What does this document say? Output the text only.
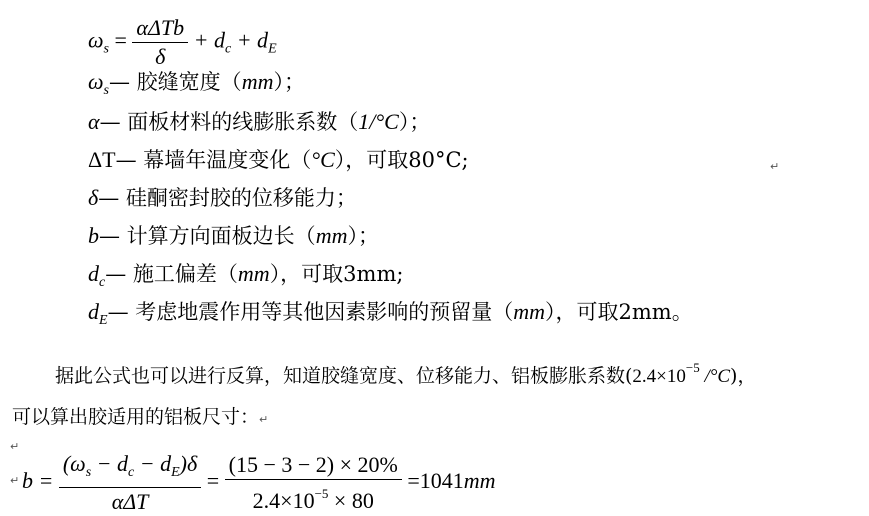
$\omega_s = \frac{\text{αΔTb}}{\delta} + d_c + d_E$
$\omega_s—$ 胶缝宽度（mm）；
α— 面板材料的线膨胀系数（1/°C）；
ΔT— 幕墙年温度变化（°C），可取80°C;
δ— 硅酮密封胶的位移能力；
b— 计算方向面板边长（mm）；
$d_c—$ 施工偏差（mm），可取3mm;
$d_E—$ 考虑地震作用等其他因素影响的预留量（mm），可取2mm。
据此公式也可以进行反算，知道胶缝宽度、位移能力、铝板膨胀系数($2.4\times 10^{-5}$ /°C)，
可以算出胶适用的铝板尺寸：↵
↵
↵
↵ $b = \frac{(\omega_s - d_c - d_E)\delta}{\text{αΔT}} = \frac{(15 - 3 - 2) \times 20\%}{2.4\times 10^{-5} \times 80} =1041mm$
